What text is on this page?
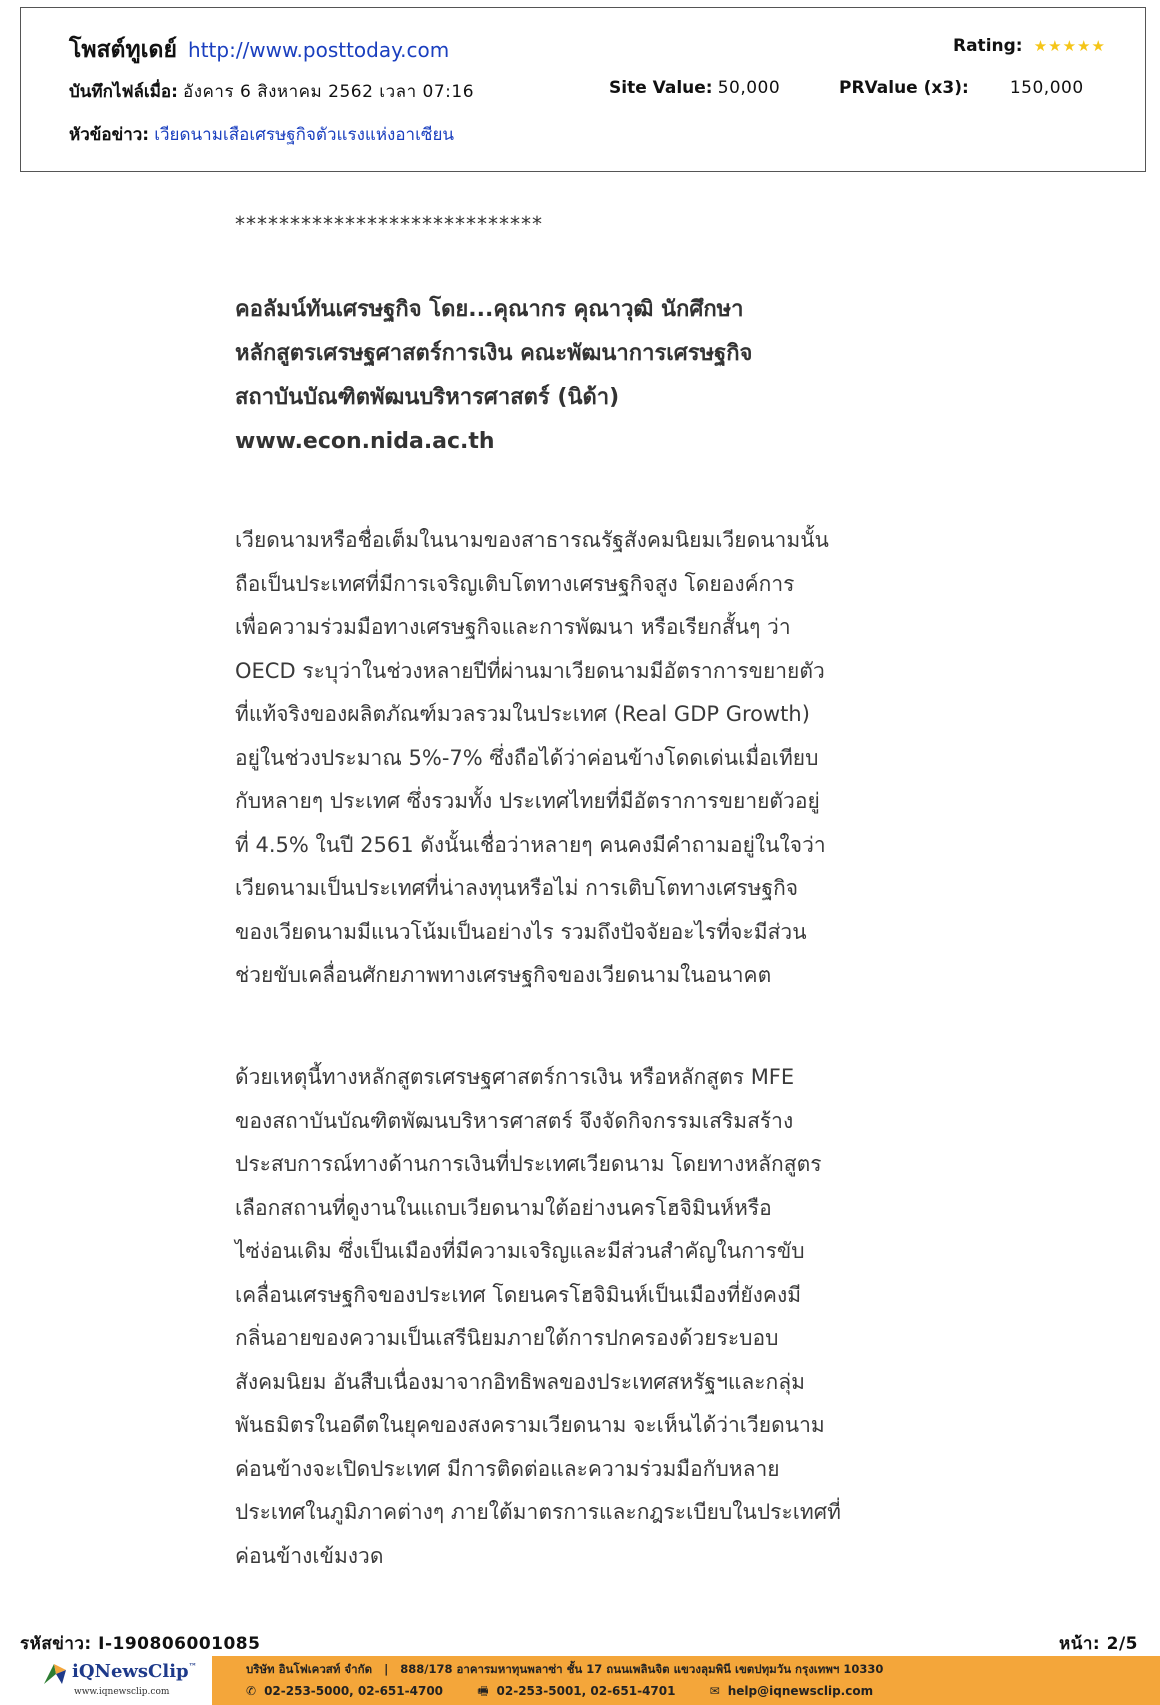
โพสต์ทูเดย์ http://www.posttoday.com	Rating: ★★★★★
บันทึกไฟล์เมื่อ: อังคาร 6 สิงหาคม 2562 เวลา 07:16	Site Value: 50,000	PRValue (x3): 150,000
หัวข้อข่าว: เวียดนามเสือเศรษฐกิจตัวแรงแห่งอาเซียน
****************************

คอลัมน์ทันเศรษฐกิจ โดย...คุณากร คุณาวุฒิ นักศึกษา

หลักสูตรเศรษฐศาสตร์การเงิน คณะพัฒนาการเศรษฐกิจ

สถาบันบัณฑิตพัฒนบริหารศาสตร์ (นิด้า)

www.econ.nida.ac.th

เวียดนามหรือชื่อเต็มในนามของสาธารณรัฐสังคมนิยมเวียดนามนั้น

ถือเป็นประเทศที่มีการเจริญเติบโตทางเศรษฐกิจสูง โดยองค์การ

เพื่อความร่วมมือทางเศรษฐกิจและการพัฒนา หรือเรียกสั้นๆ ว่า

OECD ระบุว่าในช่วงหลายปีที่ผ่านมาเวียดนามมีอัตราการขยายตัว

ที่แท้จริงของผลิตภัณฑ์มวลรวมในประเทศ (Real GDP Growth)

อยู่ในช่วงประมาณ 5%-7% ซึ่งถือได้ว่าค่อนข้างโดดเด่นเมื่อเทียบ

กับหลายๆ ประเทศ ซึ่งรวมทั้ง ประเทศไทยที่มีอัตราการขยายตัวอยู่

ที่ 4.5% ในปี 2561 ดังนั้นเชื่อว่าหลายๆ คนคงมีคำถามอยู่ในใจว่า

เวียดนามเป็นประเทศที่น่าลงทุนหรือไม่ การเติบโตทางเศรษฐกิจ

ของเวียดนามมีแนวโน้มเป็นอย่างไร รวมถึงปัจจัยอะไรที่จะมีส่วน

ช่วยขับเคลื่อนศักยภาพทางเศรษฐกิจของเวียดนามในอนาคต

ด้วยเหตุนี้ทางหลักสูตรเศรษฐศาสตร์การเงิน หรือหลักสูตร MFE

ของสถาบันบัณฑิตพัฒนบริหารศาสตร์ จึงจัดกิจกรรมเสริมสร้าง

ประสบการณ์ทางด้านการเงินที่ประเทศเวียดนาม โดยทางหลักสูตร

เลือกสถานที่ดูงานในแถบเวียดนามใต้อย่างนครโฮจิมินห์หรือ

ไซ่ง่อนเดิม ซึ่งเป็นเมืองที่มีความเจริญและมีส่วนสำคัญในการขับ

เคลื่อนเศรษฐกิจของประเทศ โดยนครโฮจิมินห์เป็นเมืองที่ยังคงมี

กลิ่นอายของความเป็นเสรีนิยมภายใต้การปกครองด้วยระบอบ

สังคมนิยม อันสืบเนื่องมาจากอิทธิพลของประเทศสหรัฐฯและกลุ่ม

พันธมิตรในอดีตในยุคของสงครามเวียดนาม จะเห็นได้ว่าเวียดนาม

ค่อนข้างจะเปิดประเทศ มีการติดต่อและความร่วมมือกับหลาย

ประเทศในภูมิภาคต่างๆ ภายใต้มาตรการและกฎระเบียบในประเทศที่

ค่อนข้างเข้มงวด

รหัสข่าว: I-190806001085	หน้า: 2/5
iQNewsClip™
www.iqnewsclip.com
บริษัท อินโฟเควสท์ จำกัด | 888/178 อาคารมหาทุนพลาซ่า ชั้น 17 ถนนเพลินจิต แขวงลุมพินี เขตปทุมวัน กรุงเทพฯ 10330
✆ 02-253-5000, 02-651-4700	🖷 02-253-5001, 02-651-4701	✉ help@iqnewsclip.com
